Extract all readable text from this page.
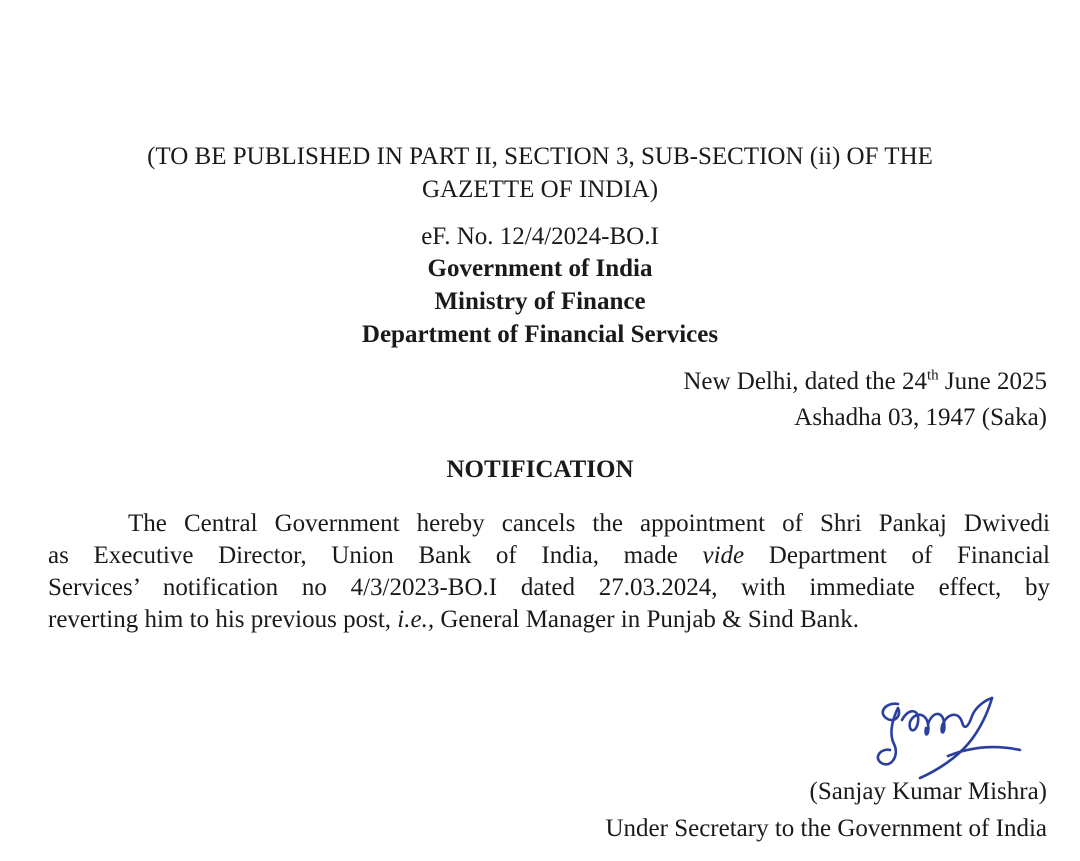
(TO BE PUBLISHED IN PART II, SECTION 3, SUB-SECTION (ii) OF THE
GAZETTE OF INDIA)
eF. No. 12/4/2024-BO.I
Government of India
Ministry of Finance
Department of Financial Services
New Delhi, dated the 24th June 2025
Ashadha 03, 1947 (Saka)
NOTIFICATION
The Central Government hereby cancels the appointment of Shri Pankaj Dwivedi
as Executive Director, Union Bank of India, made vide Department of Financial
Services’ notification no 4/3/2023-BO.I dated 27.03.2024, with immediate effect, by
reverting him to his previous post, i.e., General Manager in Punjab & Sind Bank.
(Sanjay Kumar Mishra)
Under Secretary to the Government of India
